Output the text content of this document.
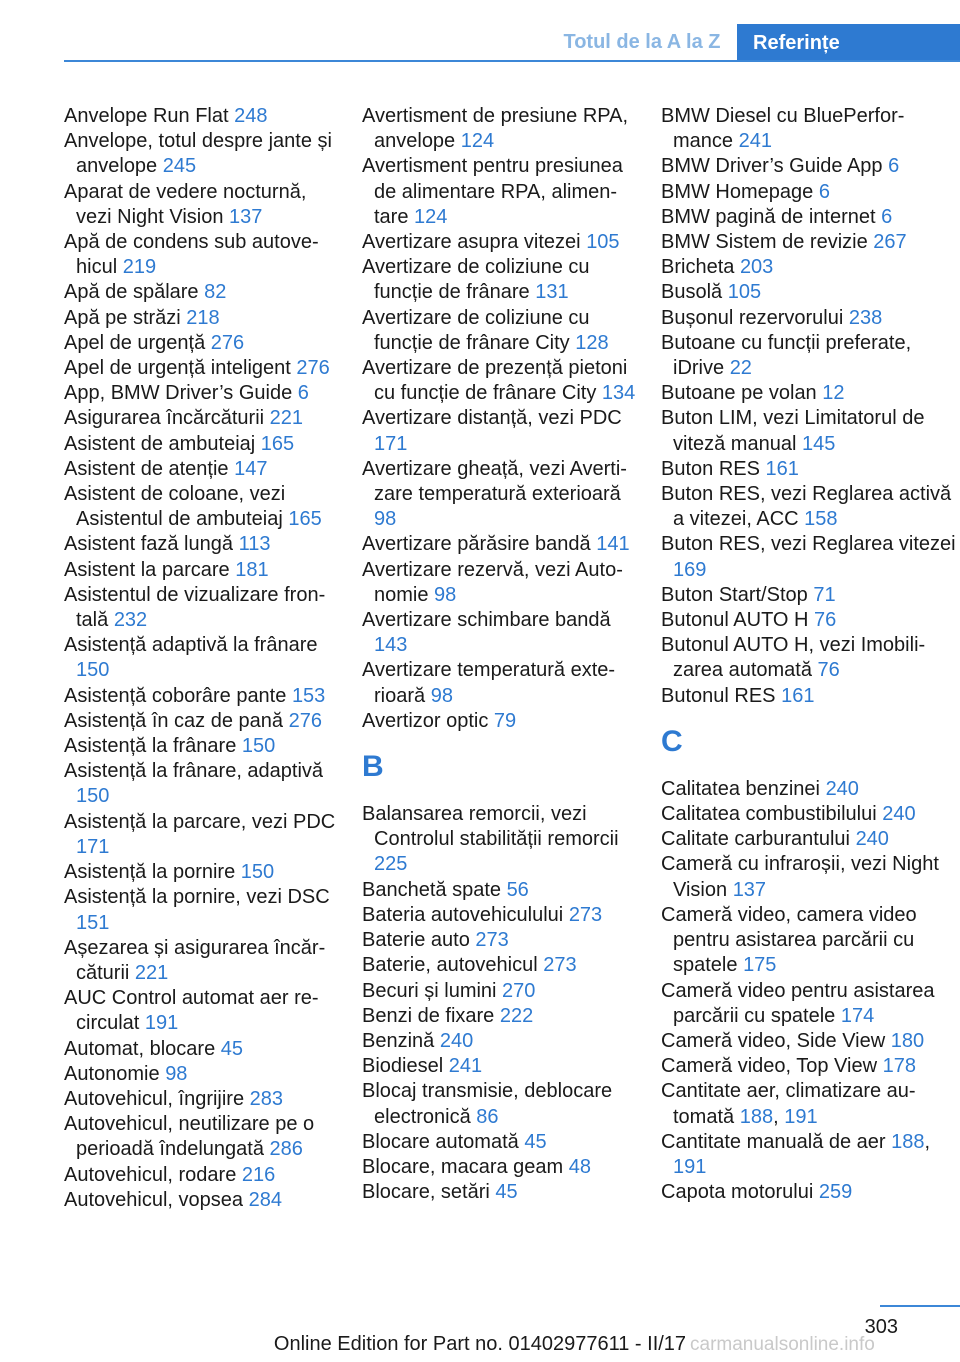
Totul de la A la Z	Referințe

Anvelope Run Flat 248

Anvelope, totul despre jante și anvelope 245

Aparat de vedere nocturnă, vezi Night Vision 137

Apă de condens sub autovehicul 219

Apă de spălare 82

Apă pe străzi 218

Apel de urgență 276

Apel de urgență inteligent 276

App, BMW Driver’s Guide 6

Asigurarea încărcăturii 221

Asistent de ambuteiaj 165

Asistent de atenție 147

Asistent de coloane, vezi Asistentul de ambuteiaj 165

Asistent fază lungă 113

Asistent la parcare 181

Asistentul de vizualizare frontală 232

Asistență adaptivă la frânare 150

Asistență coborâre pante 153

Asistență în caz de pană 276

Asistență la frânare 150

Asistență la frânare, adaptivă 150

Asistență la parcare, vezi PDC 171

Asistență la pornire 150

Asistență la pornire, vezi DSC 151

Așezarea și asigurarea încărcăturii 221

AUC Control automat aer recirculat 191

Automat, blocare 45

Autonomie 98

Autovehicul, îngrijire 283

Autovehicul, neutilizare pe o perioadă îndelungată 286

Autovehicul, rodare 216

Autovehicul, vopsea 284

Avertisment de presiune RPA, anvelope 124

Avertisment pentru presiunea de alimentare RPA, alimentare 124

Avertizare asupra vitezei 105

Avertizare de coliziune cu funcție de frânare 131

Avertizare de coliziune cu funcție de frânare City 128

Avertizare de prezență pietoni cu funcție de frânare City 134

Avertizare distanță, vezi PDC 171

Avertizare gheață, vezi Avertizare temperatură exterioară 98

Avertizare părăsire bandă 141

Avertizare rezervă, vezi Autonomie 98

Avertizare schimbare bandă 143

Avertizare temperatură exterioară 98

Avertizor optic 79

B

Balansarea remorcii, vezi Controlul stabilității remorcii 225

Banchetă spate 56

Bateria autovehiculului 273

Baterie auto 273

Baterie, autovehicul 273

Becuri și lumini 270

Benzi de fixare 222

Benzină 240

Biodiesel 241

Blocaj transmisie, deblocare electronică 86

Blocare automată 45

Blocare, macara geam 48

Blocare, setări 45

BMW Diesel cu BluePerformance 241

BMW Driver’s Guide App 6

BMW Homepage 6

BMW pagină de internet 6

BMW Sistem de revizie 267

Bricheta 203

Busolă 105

Bușonul rezervorului 238

Butoane cu funcții preferate, iDrive 22

Butoane pe volan 12

Buton LIM, vezi Limitatorul de viteză manual 145

Buton RES 161

Buton RES, vezi Reglarea activă a vitezei, ACC 158

Buton RES, vezi Reglarea vitezei 169

Buton Start/Stop 71

Butonul AUTO H 76

Butonul AUTO H, vezi Imobilizarea automată 76

Butonul RES 161

C

Calitatea benzinei 240

Calitatea combustibilului 240

Calitate carburantului 240

Cameră cu infraroșii, vezi Night Vision 137

Cameră video, camera video pentru asistarea parcării cu spatele 175

Cameră video pentru asistarea parcării cu spatele 174

Cameră video, Side View 180

Cameră video, Top View 178

Cantitate aer, climatizare automată 188, 191

Cantitate manuală de aer 188, 191

Capota motorului 259

303
Online Edition for Part no. 01402977611 - II/17 carmanualsonline.info
